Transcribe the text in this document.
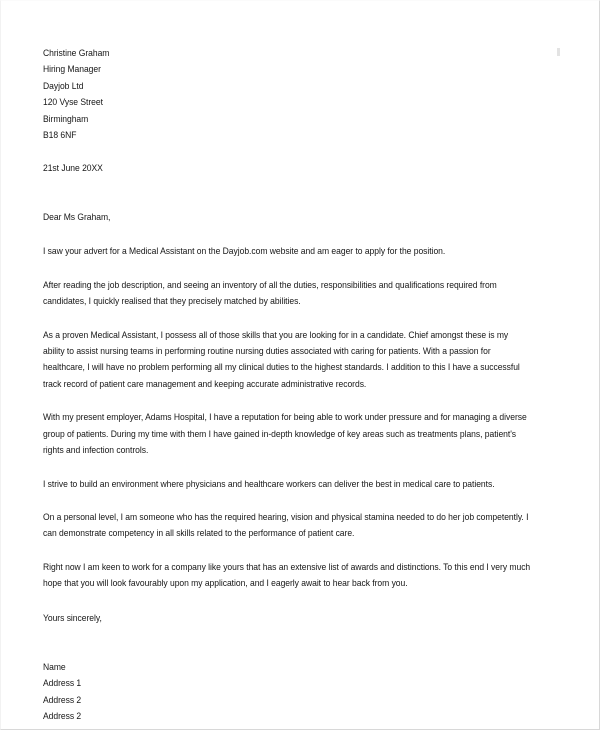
Christine Graham
Hiring Manager
Dayjob Ltd
120 Vyse Street
Birmingham
B18 6NF
21st June 20XX
Dear Ms Graham,

I saw your advert for a Medical Assistant on the Dayjob.com website and am eager to apply for the position.

After reading the job description, and seeing an inventory of all the duties, responsibilities and qualifications required from candidates, I quickly realised that they precisely matched by abilities.

As a proven Medical Assistant, I possess all of those skills that you are looking for in a candidate. Chief amongst these is my ability to assist nursing teams in performing routine nursing duties associated with caring for patients. With a passion for healthcare, I will have no problem performing all my clinical duties to the highest standards. I addition to this I have a successful track record of patient care management and keeping accurate administrative records.

With my present employer, Adams Hospital, I have a reputation for being able to work under pressure and for managing a diverse group of patients. During my time with them I have gained in-depth knowledge of key areas such as treatments plans, patient's rights and infection controls.

I strive to build an environment where physicians and healthcare workers can deliver the best in medical care to patients.

On a personal level, I am someone who has the required hearing, vision and physical stamina needed to do her job competently. I can demonstrate competency in all skills related to the performance of patient care.

Right now I am keen to work for a company like yours that has an extensive list of awards and distinctions. To this end I very much hope that you will look favourably upon my application, and I eagerly await to hear back from you.

Yours sincerely,
Name
Address 1
Address 2
Address 2
